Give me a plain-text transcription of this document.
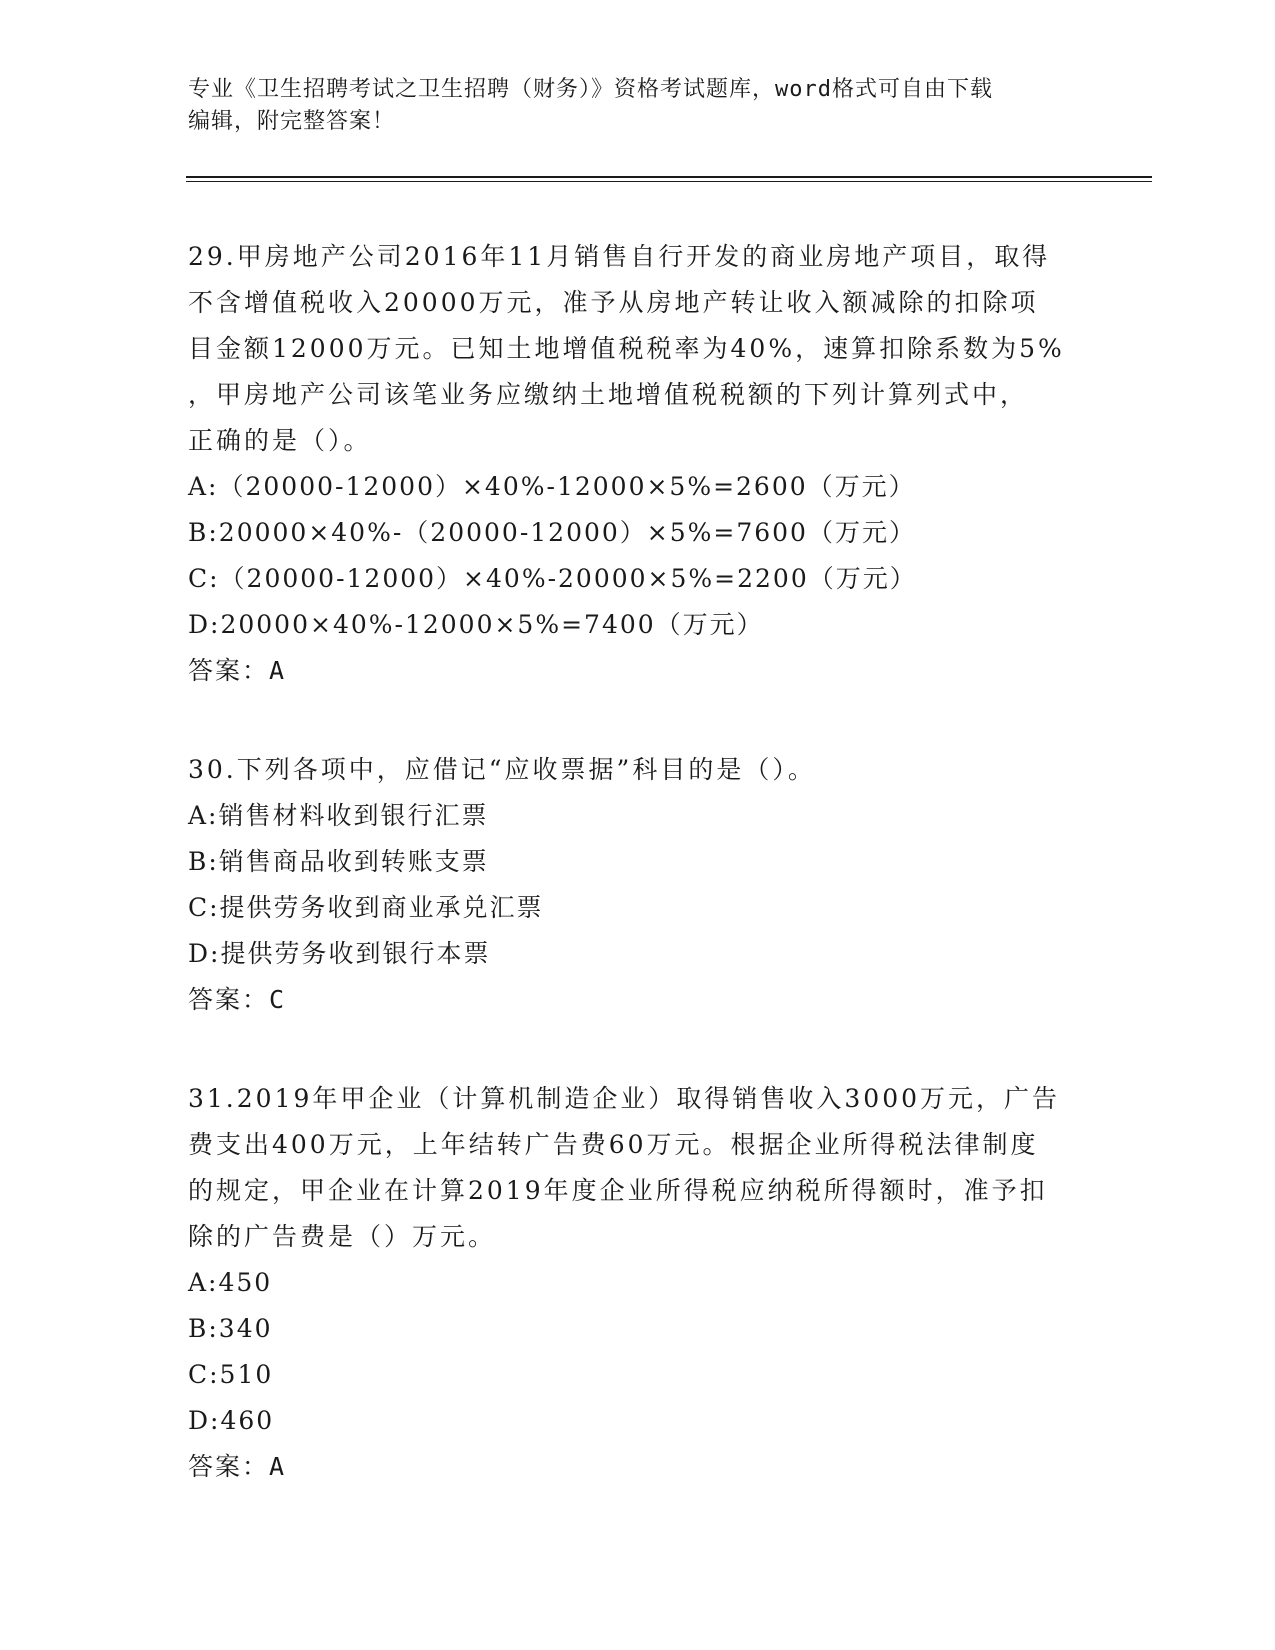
专业《卫生招聘考试之卫生招聘（财务）》资格考试题库，word格式可自由下载
编辑，附完整答案！

29.甲房地产公司2016年11月销售自行开发的商业房地产项目，取得

不含增值税收入20000万元，准予从房地产转让收入额减除的扣除项

目金额12000万元。已知土地增值税税率为40%，速算扣除系数为5%

，甲房地产公司该笔业务应缴纳土地增值税税额的下列计算列式中，

正确的是（）。

A:（20000-12000）×40%-12000×5%=2600（万元）

B:20000×40%-（20000-12000）×5%=7600（万元）

C:（20000-12000）×40%-20000×5%=2200（万元）

D:20000×40%-12000×5%=7400（万元）

答案：A

30.下列各项中，应借记“应收票据”科目的是（）。

A:销售材料收到银行汇票

B:销售商品收到转账支票

C:提供劳务收到商业承兑汇票

D:提供劳务收到银行本票

答案：C

31.2019年甲企业（计算机制造企业）取得销售收入3000万元，广告

费支出400万元，上年结转广告费60万元。根据企业所得税法律制度

的规定，甲企业在计算2019年度企业所得税应纳税所得额时，准予扣

除的广告费是（）万元。

A:450

B:340

C:510

D:460

答案：A
